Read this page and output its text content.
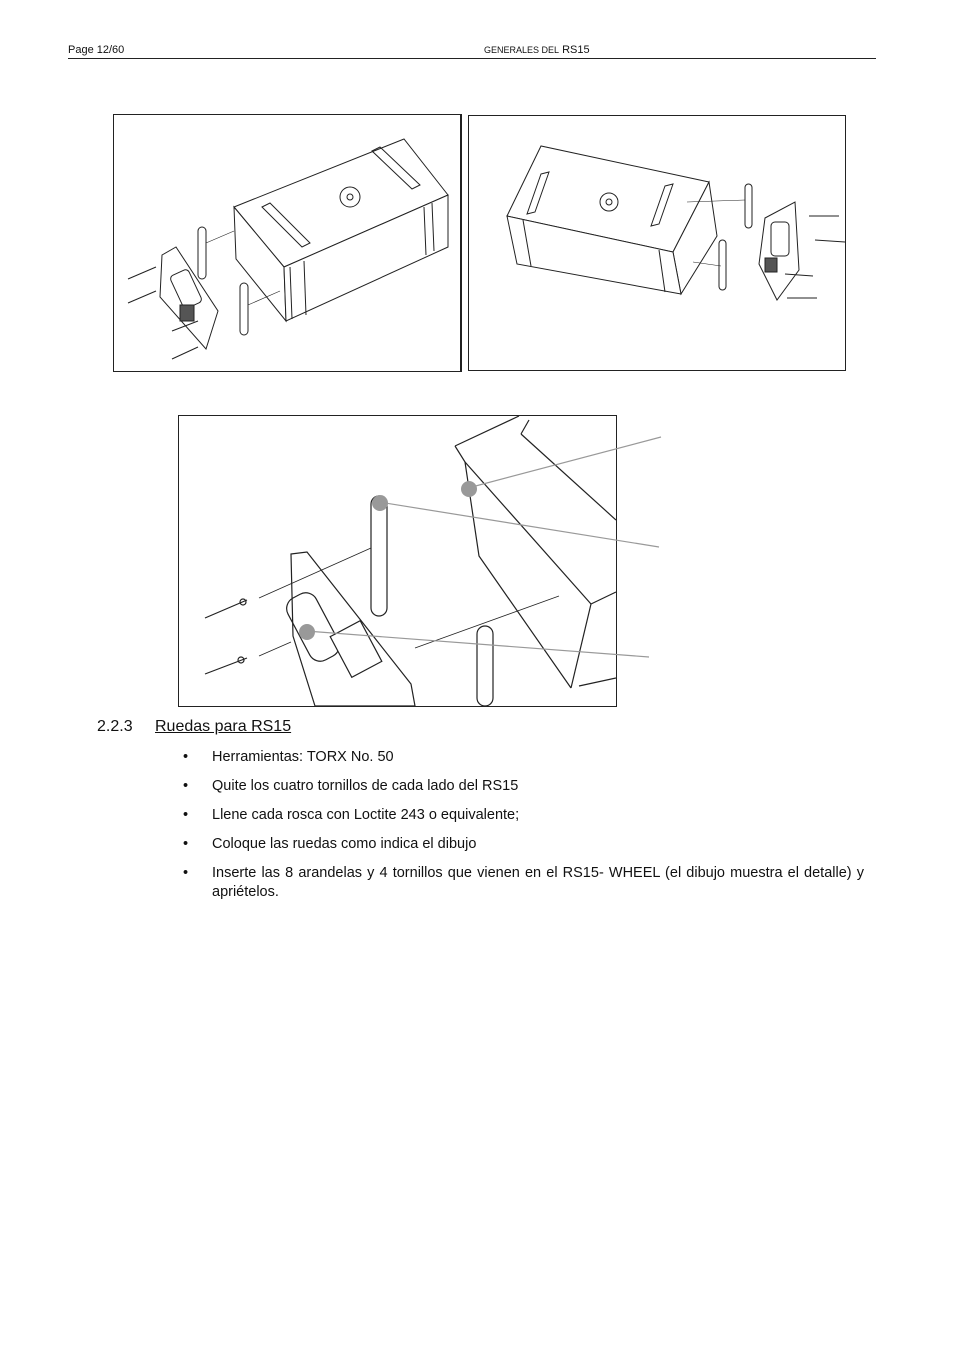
Page 12/60	GENERALES DEL RS15
2.2.3 Ruedas para RS15
• Herramientas: TORX No. 50
• Quite los cuatro tornillos de cada lado del RS15
• Llene cada rosca con Loctite 243 o equivalente;
• Coloque las ruedas como indica el dibujo
• Inserte las 8 arandelas y 4 tornillos que vienen en el RS15- WHEEL (el dibujo muestra el detalle) y apriételos.
